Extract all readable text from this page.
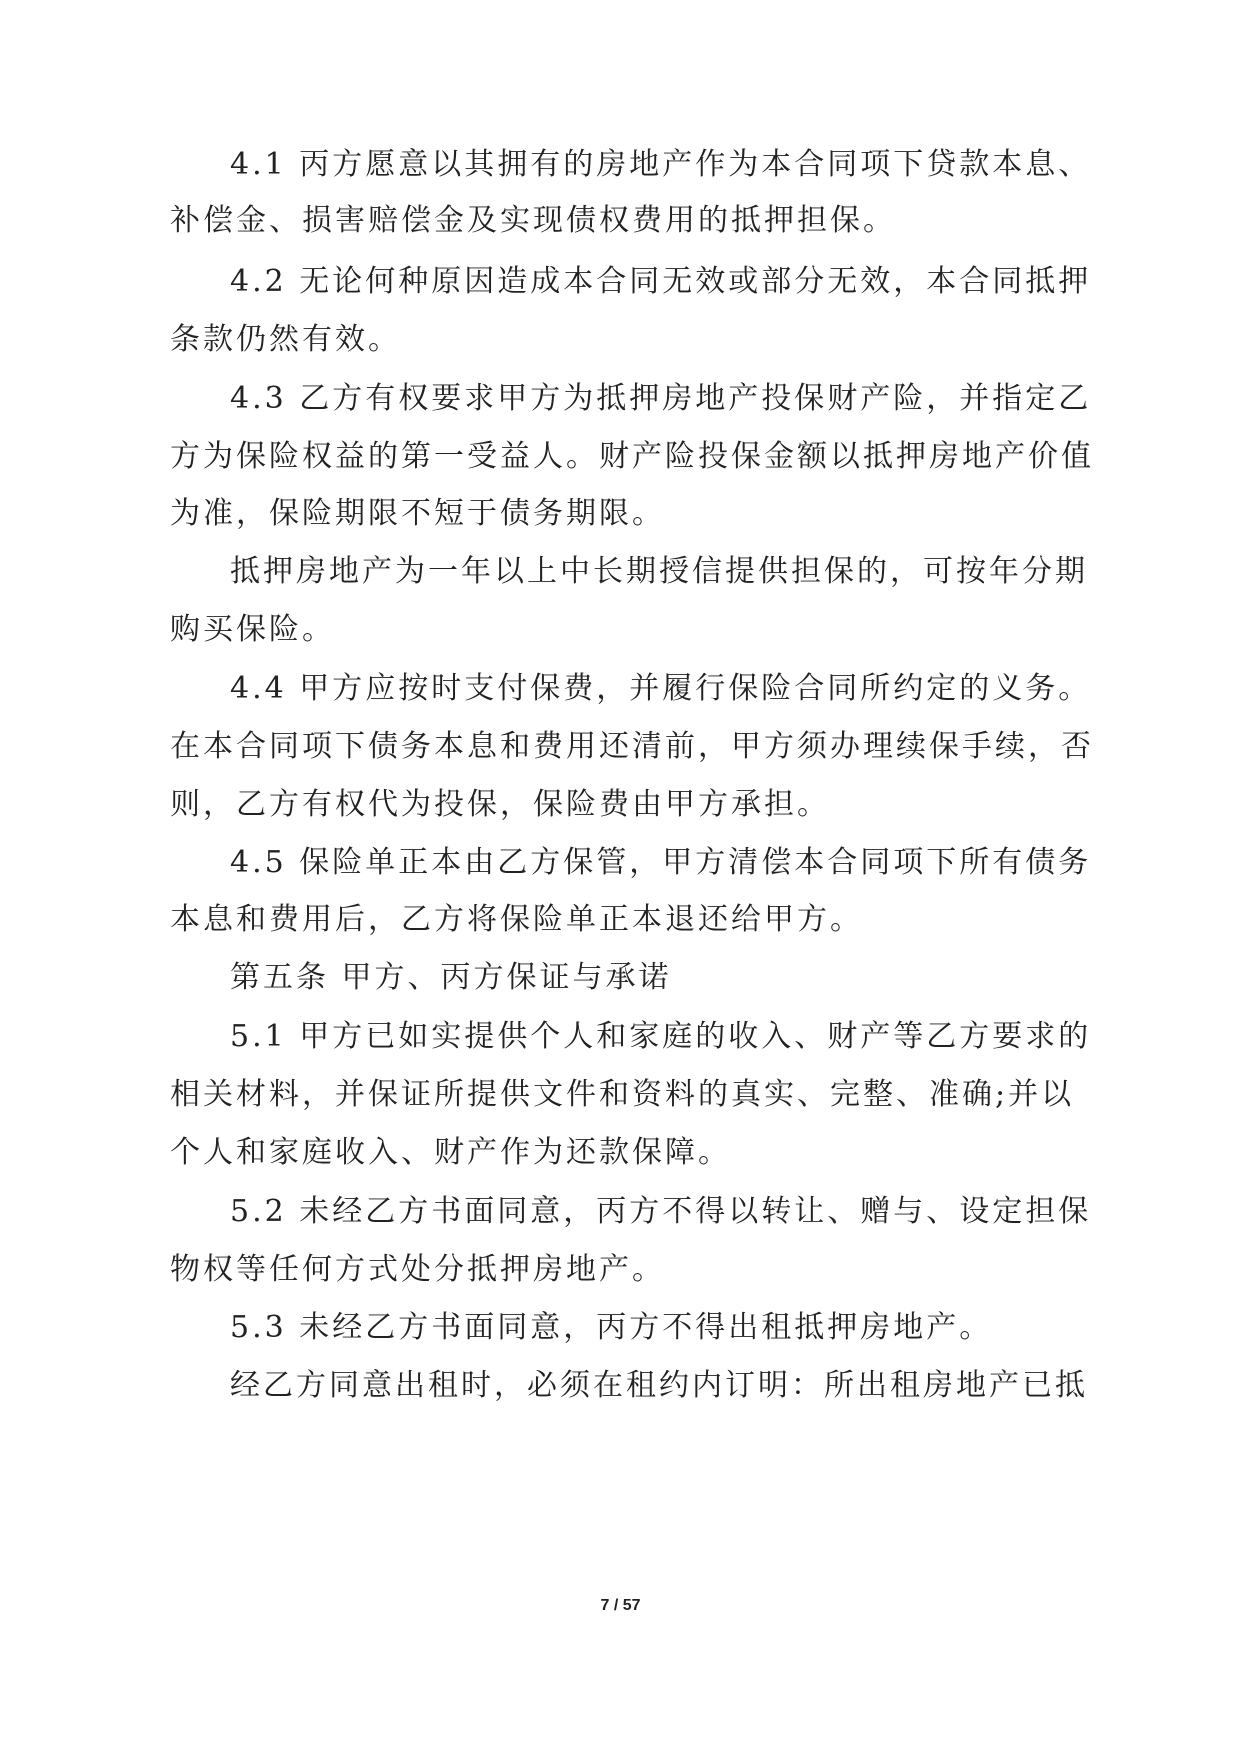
4.1 丙方愿意以其拥有的房地产作为本合同项下贷款本息、
补偿金、损害赔偿金及实现债权费用的抵押担保。
4.2 无论何种原因造成本合同无效或部分无效，本合同抵押
条款仍然有效。
4.3 乙方有权要求甲方为抵押房地产投保财产险，并指定乙
方为保险权益的第一受益人。财产险投保金额以抵押房地产价值
为准，保险期限不短于债务期限。
抵押房地产为一年以上中长期授信提供担保的，可按年分期
购买保险。
4.4 甲方应按时支付保费，并履行保险合同所约定的义务。
在本合同项下债务本息和费用还清前，甲方须办理续保手续，否
则，乙方有权代为投保，保险费由甲方承担。
4.5 保险单正本由乙方保管，甲方清偿本合同项下所有债务
本息和费用后，乙方将保险单正本退还给甲方。
第五条 甲方、丙方保证与承诺
5.1 甲方已如实提供个人和家庭的收入、财产等乙方要求的
相关材料，并保证所提供文件和资料的真实、完整、准确;并以
个人和家庭收入、财产作为还款保障。
5.2 未经乙方书面同意，丙方不得以转让、赠与、设定担保
物权等任何方式处分抵押房地产。
5.3 未经乙方书面同意，丙方不得出租抵押房地产。
经乙方同意出租时，必须在租约内订明：所出租房地产已抵
7 / 57
